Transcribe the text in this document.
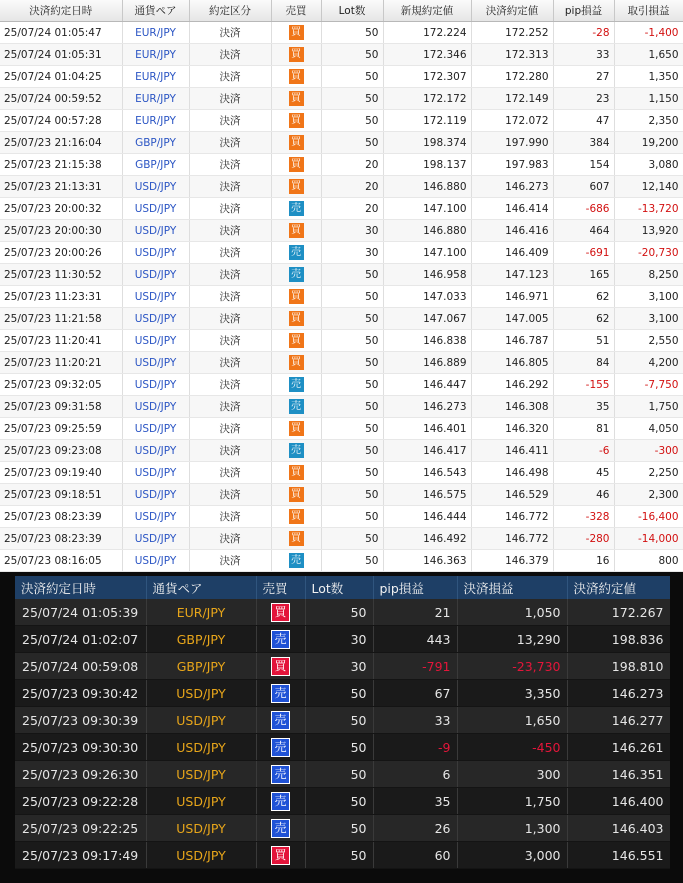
決済約定日時	通貨ペア	約定区分	売買	Lot数	新規約定値	決済約定値	pip損益	取引損益
25/07/24 01:05:47	EUR/JPY	決済	買	50	172.224	172.252	-28	-1,400
25/07/24 01:05:31	EUR/JPY	決済	買	50	172.346	172.313	33	1,650
25/07/24 01:04:25	EUR/JPY	決済	買	50	172.307	172.280	27	1,350
25/07/24 00:59:52	EUR/JPY	決済	買	50	172.172	172.149	23	1,150
25/07/24 00:57:28	EUR/JPY	決済	買	50	172.119	172.072	47	2,350
25/07/23 21:16:04	GBP/JPY	決済	買	50	198.374	197.990	384	19,200
25/07/23 21:15:38	GBP/JPY	決済	買	20	198.137	197.983	154	3,080
25/07/23 21:13:31	USD/JPY	決済	買	20	146.880	146.273	607	12,140
25/07/23 20:00:32	USD/JPY	決済	売	20	147.100	146.414	-686	-13,720
25/07/23 20:00:30	USD/JPY	決済	買	30	146.880	146.416	464	13,920
25/07/23 20:00:26	USD/JPY	決済	売	30	147.100	146.409	-691	-20,730
25/07/23 11:30:52	USD/JPY	決済	売	50	146.958	147.123	165	8,250
25/07/23 11:23:31	USD/JPY	決済	買	50	147.033	146.971	62	3,100
25/07/23 11:21:58	USD/JPY	決済	買	50	147.067	147.005	62	3,100
25/07/23 11:20:41	USD/JPY	決済	買	50	146.838	146.787	51	2,550
25/07/23 11:20:21	USD/JPY	決済	買	50	146.889	146.805	84	4,200
25/07/23 09:32:05	USD/JPY	決済	売	50	146.447	146.292	-155	-7,750
25/07/23 09:31:58	USD/JPY	決済	売	50	146.273	146.308	35	1,750
25/07/23 09:25:59	USD/JPY	決済	買	50	146.401	146.320	81	4,050
25/07/23 09:23:08	USD/JPY	決済	売	50	146.417	146.411	-6	-300
25/07/23 09:19:40	USD/JPY	決済	買	50	146.543	146.498	45	2,250
25/07/23 09:18:51	USD/JPY	決済	買	50	146.575	146.529	46	2,300
25/07/23 08:23:39	USD/JPY	決済	買	50	146.444	146.772	-328	-16,400
25/07/23 08:23:39	USD/JPY	決済	買	50	146.492	146.772	-280	-14,000
25/07/23 08:16:05	USD/JPY	決済	売	50	146.363	146.379	16	800
決済約定日時	通貨ペア	売買	Lot数	pip損益	決済損益	決済約定値
25/07/24 01:05:39	EUR/JPY	買	50	21	1,050	172.267
25/07/24 01:02:07	GBP/JPY	売	30	443	13,290	198.836
25/07/24 00:59:08	GBP/JPY	買	30	-791	-23,730	198.810
25/07/23 09:30:42	USD/JPY	売	50	67	3,350	146.273
25/07/23 09:30:39	USD/JPY	売	50	33	1,650	146.277
25/07/23 09:30:30	USD/JPY	売	50	-9	-450	146.261
25/07/23 09:26:30	USD/JPY	売	50	6	300	146.351
25/07/23 09:22:28	USD/JPY	売	50	35	1,750	146.400
25/07/23 09:22:25	USD/JPY	売	50	26	1,300	146.403
25/07/23 09:17:49	USD/JPY	買	50	60	3,000	146.551
